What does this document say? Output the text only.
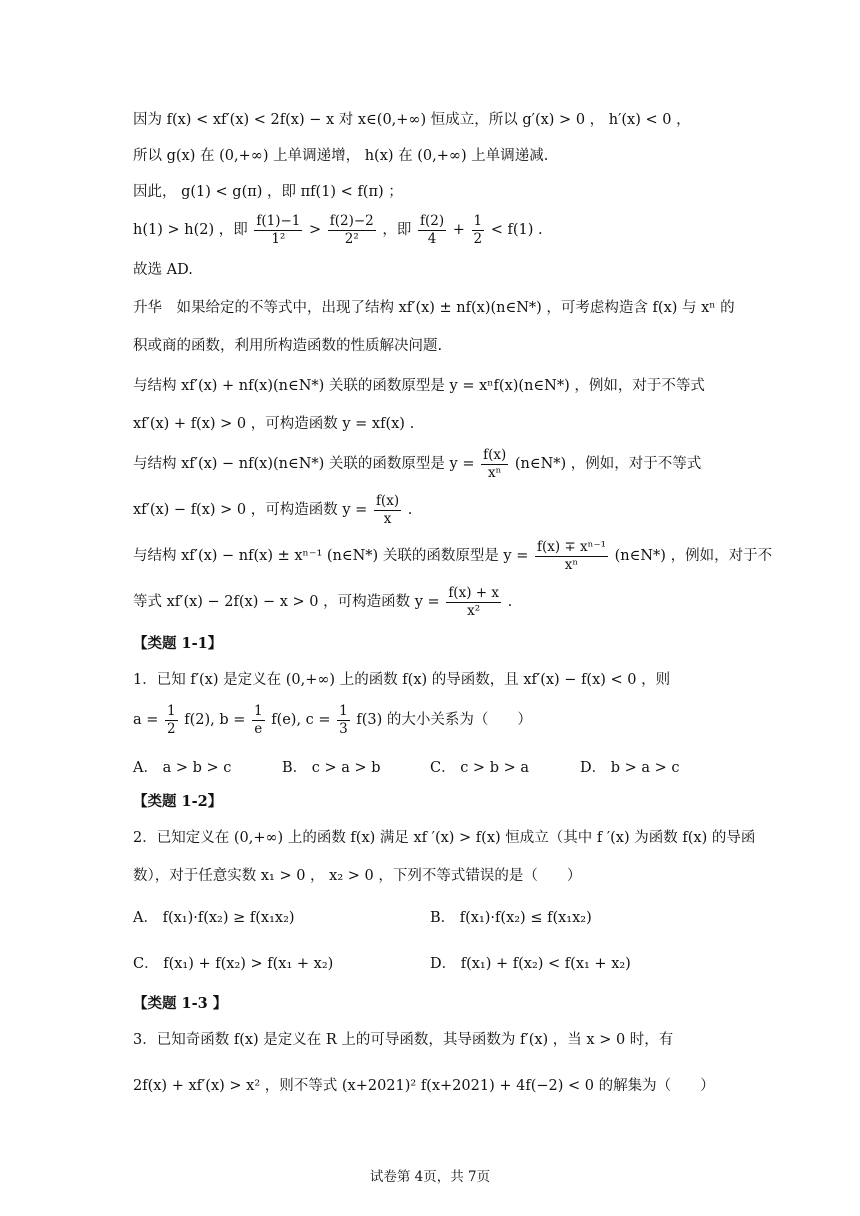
因为 f(x) < xf′(x) < 2f(x) − x 对 x∈(0,+∞) 恒成立，所以 g′(x) > 0 ， h′(x) < 0 ，
所以 g(x) 在 (0,+∞) 上单调递增， h(x) 在 (0,+∞) 上单调递减.
因此， g(1) < g(π) ，即 πf(1) < f(π) ；
h(1) > h(2) ，即 $\frac{f(1)-1}{\text{1²}} > \frac{f(2)-2}{\text{2²}}$ ，即 $\frac{f(2)}{4} + \frac{1}{2} < f(1)$ .
故选 AD.
升华　如果给定的不等式中，出现了结构 xf′(x) ± nf(x)(n∈N*) ，可考虑构造含 f(x) 与 xⁿ 的
积或商的函数，利用所构造函数的性质解决问题.
与结构 xf′(x) + nf(x)(n∈N*) 关联的函数原型是 y = xⁿf(x)(n∈N*) ，例如，对于不等式
xf′(x) + f(x) > 0 ，可构造函数 y = xf(x) .
与结构 xf′(x) − nf(x)(n∈N*) 关联的函数原型是 $y = \frac{f(x)}{\text{xⁿ}}$ (n∈N*) ，例如，对于不等式
xf′(x) − f(x) > 0 ，可构造函数 $y = \frac{f(x)}{x}$ .
与结构 xf′(x) − nf(x) ± xⁿ⁻¹ (n∈N*) 关联的函数原型是 $y = \frac{\text{f(x) ∓ xⁿ⁻¹}}{\text{xⁿ}}$ (n∈N*) ，例如，对于不
等式 xf′(x) − 2f(x) − x > 0 ，可构造函数 $y = \frac{f(x) + x}{\text{x²}}$ .
【类题 1-1】
1．已知 f′(x) 是定义在 (0,+∞) 上的函数 f(x) 的导函数，且 xf′(x) − f(x) < 0 ，则
$a = \frac{1}{2} f(2)$, $b = \frac{1}{e} f(e)$, $c = \frac{1}{3} f(3)$ 的大小关系为（　　）
A． a > b > c	B． c > a > b	C． c > b > a	D． b > a > c
【类题 1-2】
2．已知定义在 (0,+∞) 上的函数 f(x) 满足 xf ′(x) > f(x) 恒成立（其中 f ′(x) 为函数 f(x) 的导函
数），对于任意实数 x₁ > 0 ， x₂ > 0 ，下列不等式错误的是（　　）
A． f(x₁)·f(x₂) ≥ f(x₁x₂)	B． f(x₁)·f(x₂) ≤ f(x₁x₂)
C． f(x₁) + f(x₂) > f(x₁ + x₂)	D． f(x₁) + f(x₂) < f(x₁ + x₂)
【类题 1-3 】
3．已知奇函数 f(x) 是定义在 R 上的可导函数，其导函数为 f′(x) ，当 x > 0 时，有
2f(x) + xf′(x) > x² ，则不等式 (x+2021)² f(x+2021) + 4f(−2) < 0 的解集为（　　）
试卷第 4页，共 7页
